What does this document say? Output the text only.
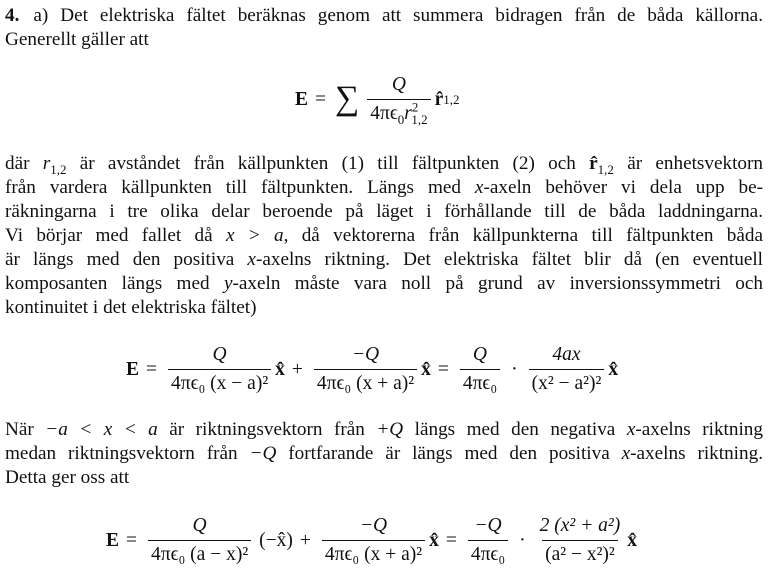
4. a) Det elektriska fältet beräknas genom att summera bidragen från de båda källorna.
Generellt gäller att
E = ∑ $\frac{Q}{4\pi\epsilon_0r^2_{1,2}}$ r̂ 1,2
där $r_{1,2}$ är avståndet från källpunkten (1) till fältpunkten (2) och $r̂_{1,2}$ är enhetsvektorn
från vardera källpunkten till fältpunkten. Längs med x-axeln behöver vi dela upp be-
räkningarna i tre olika delar beroende på läget i förhållande till de båda laddningarna.
Vi börjar med fallet då x > a, då vektorerna från källpunkterna till fältpunkten båda
är längs med den positiva x-axelns riktning. Det elektriska fältet blir då (en eventuell
komposanten längs med y-axeln måste vara noll på grund av inversionssymmetri och
kontinuitet i det elektriska fältet)
$E = \frac{Q}{\text{4πϵ₀ (x − a)²}}$ x̂ + $\frac{-Q}{\text{4πϵ₀ (x + a)²}}$ x̂ = $\frac{Q}{\text{4πϵ₀}} \cdot \frac{4ax}{\text{(x² − a²)²}}$ x̂
När −a < x < a är riktningsvektorn från +Q längs med den negativa x-axelns riktning
medan riktningsvektorn från −Q fortfarande är längs med den positiva x-axelns riktning.
Detta ger oss att
$E = \frac{Q}{\text{4πϵ₀ (a − x)²}}$ (−x̂) + $\frac{-Q}{\text{4πϵ₀ (x + a)²}}$ x̂ = $\frac{-Q}{\text{4πϵ₀}} \cdot \frac{\text{2 (x² + a²)}}{\text{(a² − x²)²}}$ x̂
